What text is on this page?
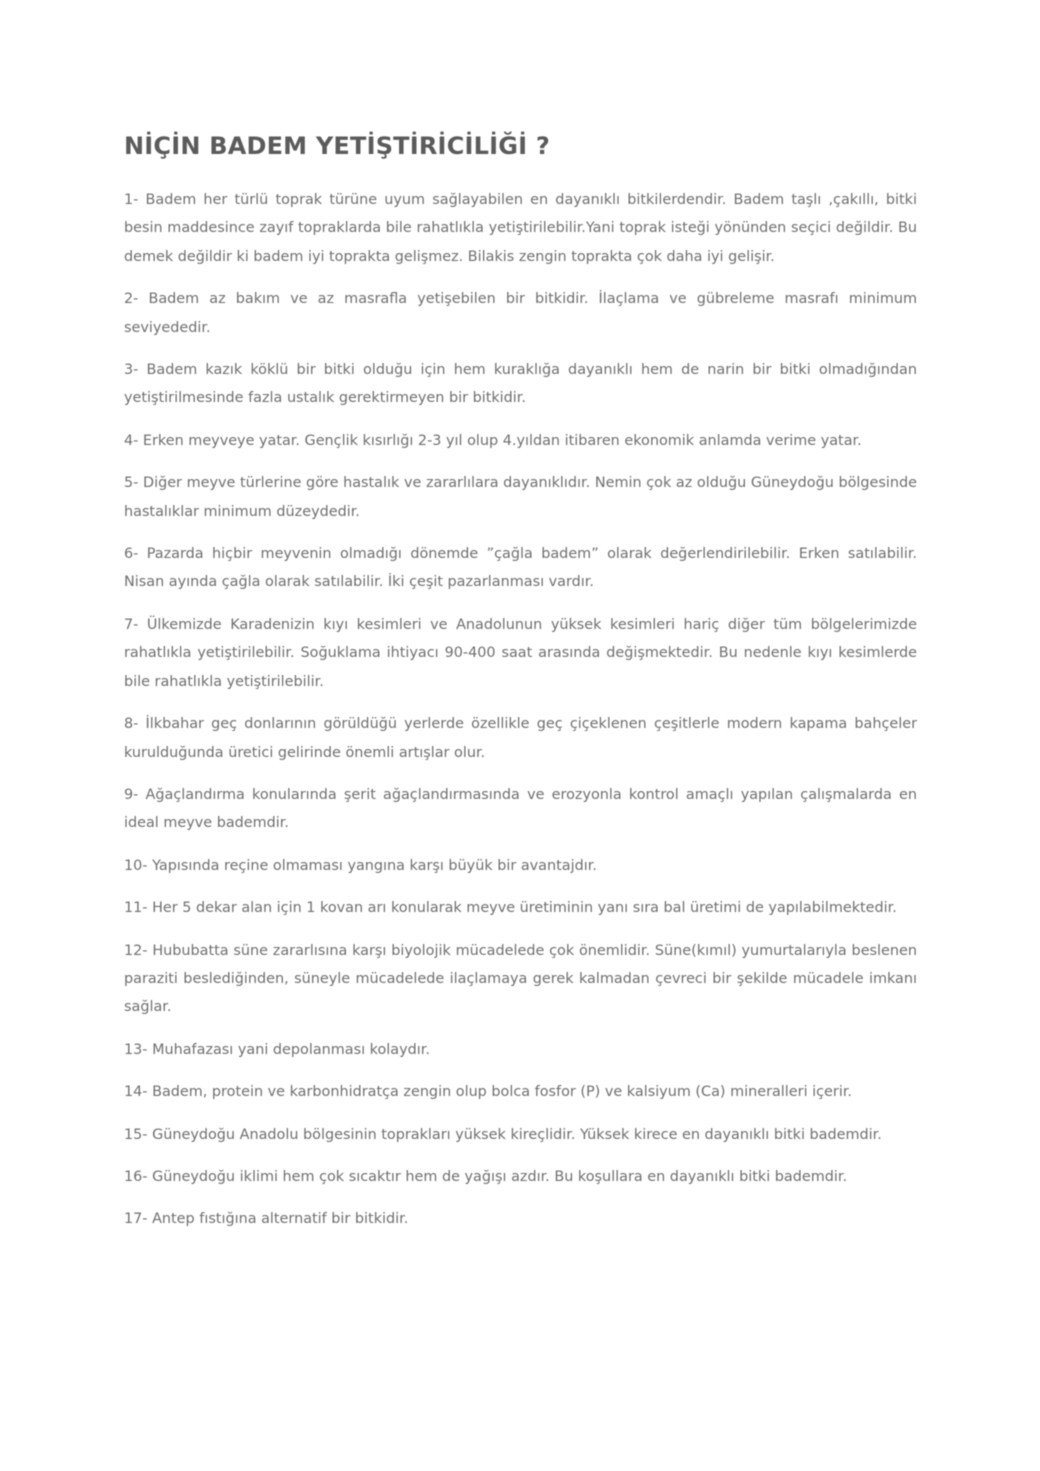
NİÇİN BADEM YETİŞTİRİCİLİĞİ ?

1- Badem her türlü toprak türüne uyum sağlayabilen en dayanıklı bitkilerdendir. Badem taşlı ,çakıllı, bitki besin maddesince zayıf topraklarda bile rahatlıkla yetiştirilebilir.Yani toprak isteği yönünden seçici değildir. Bu demek değildir ki badem iyi toprakta gelişmez. Bilakis zengin toprakta çok daha iyi gelişir.

2- Badem az bakım ve az masrafla yetişebilen bir bitkidir. İlaçlama ve gübreleme masrafı minimum seviyededir.

3- Badem kazık köklü bir bitki olduğu için hem kuraklığa dayanıklı hem de narin bir bitki olmadığından yetiştirilmesinde fazla ustalık gerektirmeyen bir bitkidir.

4- Erken meyveye yatar. Gençlik kısırlığı 2-3 yıl olup 4.yıldan itibaren ekonomik anlamda verime yatar.

5- Diğer meyve türlerine göre hastalık ve zararlılara dayanıklıdır. Nemin çok az olduğu Güneydoğu bölgesinde hastalıklar minimum düzeydedir.

6- Pazarda hiçbir meyvenin olmadığı dönemde ”çağla badem” olarak değerlendirilebilir. Erken satılabilir. Nisan ayında çağla olarak satılabilir. İki çeşit pazarlanması vardır.

7- Ülkemizde Karadenizin kıyı kesimleri ve Anadolunun yüksek kesimleri hariç diğer tüm bölgelerimizde rahatlıkla yetiştirilebilir. Soğuklama ihtiyacı 90-400 saat arasında değişmektedir. Bu nedenle kıyı kesimlerde bile rahatlıkla yetiştirilebilir.

8- İlkbahar geç donlarının görüldüğü yerlerde özellikle geç çiçeklenen çeşitlerle modern kapama bahçeler kurulduğunda üretici gelirinde önemli artışlar olur.

9- Ağaçlandırma konularında şerit ağaçlandırmasında ve erozyonla kontrol amaçlı yapılan çalışmalarda en ideal meyve bademdir.

10- Yapısında reçine olmaması yangına karşı büyük bir avantajdır.

11- Her 5 dekar alan için 1 kovan arı konularak meyve üretiminin yanı sıra bal üretimi de yapılabilmektedir.

12- Hububatta süne zararlısına karşı biyolojik mücadelede çok önemlidir. Süne(kımıl) yumurtalarıyla beslenen paraziti beslediğinden, süneyle mücadelede ilaçlamaya gerek kalmadan çevreci bir şekilde mücadele imkanı sağlar.

13- Muhafazası yani depolanması kolaydır.

14- Badem, protein ve karbonhidratça zengin olup bolca fosfor (P) ve kalsiyum (Ca) mineralleri içerir.

15- Güneydoğu Anadolu bölgesinin toprakları yüksek kireçlidir. Yüksek kirece en dayanıklı bitki bademdir.

16- Güneydoğu iklimi hem çok sıcaktır hem de yağışı azdır. Bu koşullara en dayanıklı bitki bademdir.

17- Antep fıstığına alternatif bir bitkidir.
